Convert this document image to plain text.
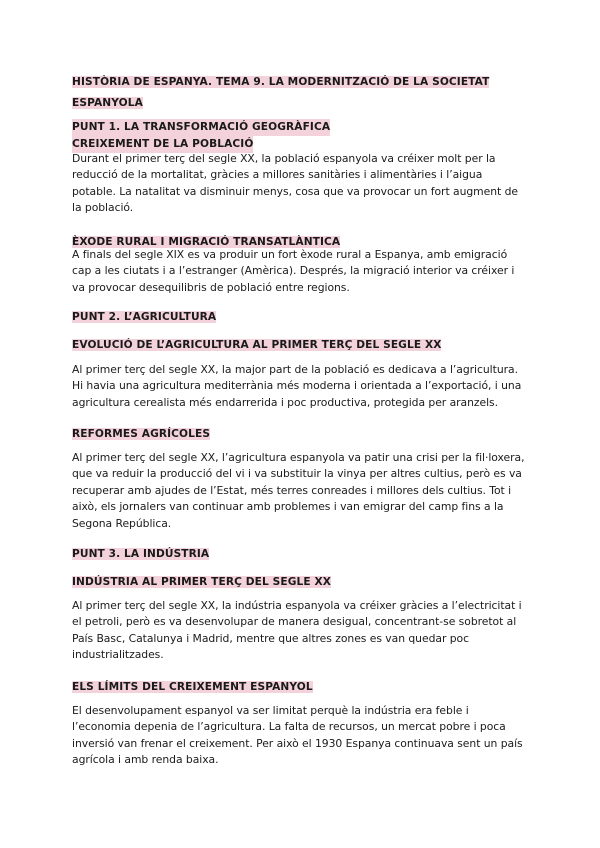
HISTÒRIA DE ESPANYA. TEMA 9. LA MODERNITZACIÓ DE LA SOCIETAT ESPANYOLA
PUNT 1. LA TRANSFORMACIÓ GEOGRÀFICA
CREIXEMENT DE LA POBLACIÓ

Durant el primer terç del segle XX, la població espanyola va créixer molt per la reducció de la mortalitat, gràcies a millores sanitàries i alimentàries i l’aigua potable. La natalitat va disminuir menys, cosa que va provocar un fort augment de la població.

ÈXODE RURAL I MIGRACIÓ TRANSATLÀNTICA

A finals del segle XIX es va produir un fort èxode rural a Espanya, amb emigració cap a les ciutats i a l’estranger (Amèrica). Després, la migració interior va créixer i va provocar desequilibris de població entre regions.

PUNT 2. L’AGRICULTURA
EVOLUCIÓ DE L’AGRICULTURA AL PRIMER TERÇ DEL SEGLE XX

Al primer terç del segle XX, la major part de la població es dedicava a l’agricultura. Hi havia una agricultura mediterrània més moderna i orientada a l’exportació, i una agricultura cerealista més endarrerida i poc productiva, protegida per aranzels.

REFORMES AGRÍCOLES

Al primer terç del segle XX, l’agricultura espanyola va patir una crisi per la fil·loxera, que va reduir la producció del vi i va substituir la vinya per altres cultius, però es va recuperar amb ajudes de l’Estat, més terres conreades i millores dels cultius. Tot i això, els jornalers van continuar amb problemes i van emigrar del camp fins a la Segona República.

PUNT 3. LA INDÚSTRIA
INDÚSTRIA AL PRIMER TERÇ DEL SEGLE XX

Al primer terç del segle XX, la indústria espanyola va créixer gràcies a l’electricitat i el petroli, però es va desenvolupar de manera desigual, concentrant-se sobretot al País Basc, Catalunya i Madrid, mentre que altres zones es van quedar poc industrialitzades.

ELS LÍMITS DEL CREIXEMENT ESPANYOL

El desenvolupament espanyol va ser limitat perquè la indústria era feble i l’economia depenia de l’agricultura. La falta de recursos, un mercat pobre i poca inversió van frenar el creixement. Per això el 1930 Espanya continuava sent un país agrícola i amb renda baixa.
